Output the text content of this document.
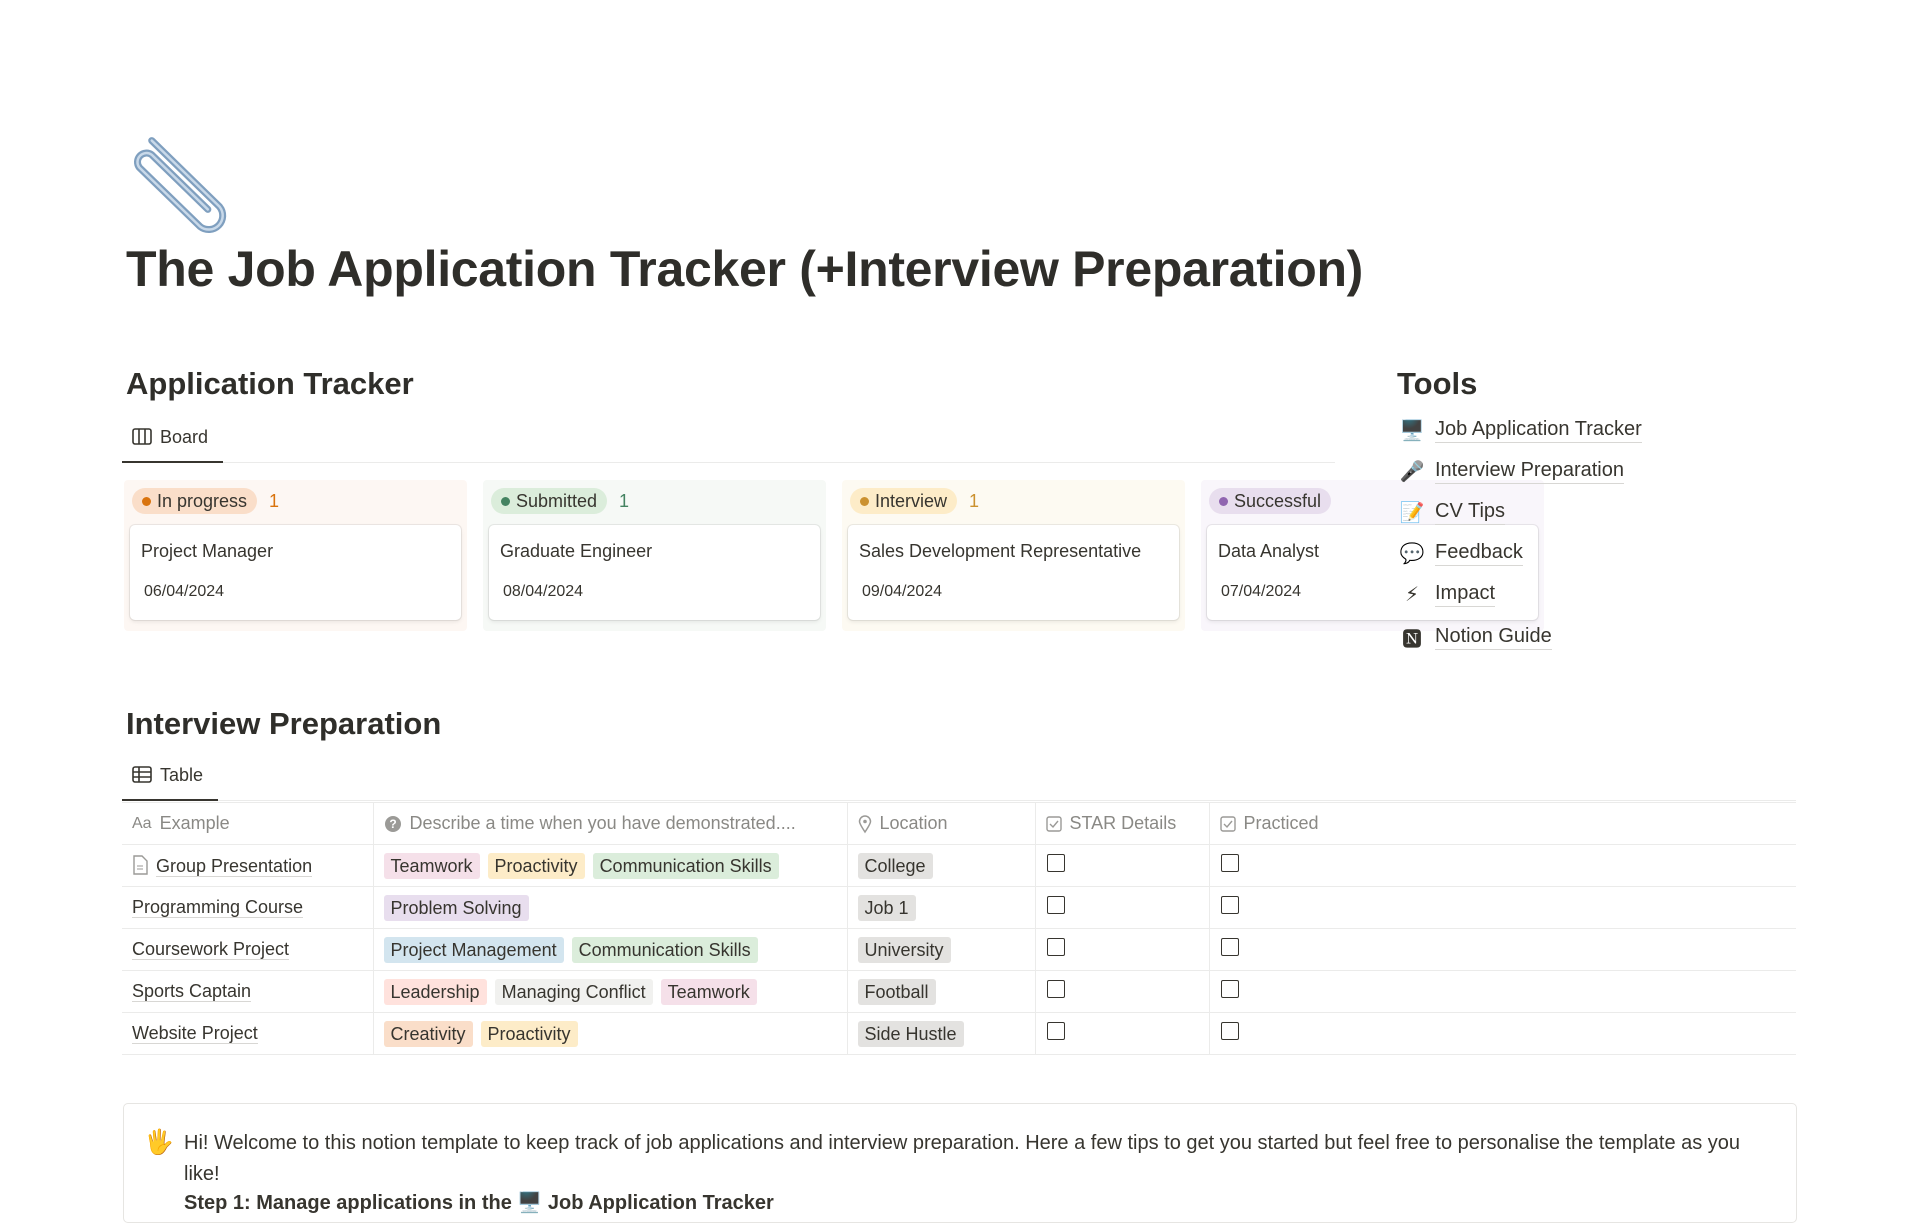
The Job Application Tracker (+Interview Preparation)
Application Tracker
Board
In progress 1
Project Manager
06/04/2024
Submitted 1
Graduate Engineer
08/04/2024
Interview 1
Sales Development Representative
09/04/2024
Successful
Data Analyst
07/04/2024
Tools
🖥️ Job Application Tracker
🎤 Interview Preparation
📝 CV Tips
💬 Feedback
⚡ Impact
🅽 Notion Guide
Interview Preparation
Table
Aa Example	? Describe a time when you have demonstrated....	Location	STAR Details	Practiced

Group Presentation	Teamwork Proactivity Communication Skills	College		
Programming Course	Problem Solving	Job 1		
Coursework Project	Project Management Communication Skills	University		
Sports Captain	Leadership Managing Conflict Teamwork	Football		
Website Project	Creativity Proactivity	Side Hustle		
🖐️ Hi! Welcome to this notion template to keep track of job applications and interview preparation. Here a few tips to get you started but feel free to personalise the template as you like!
Step 1: Manage applications in the 🖥️ Job Application Tracker
